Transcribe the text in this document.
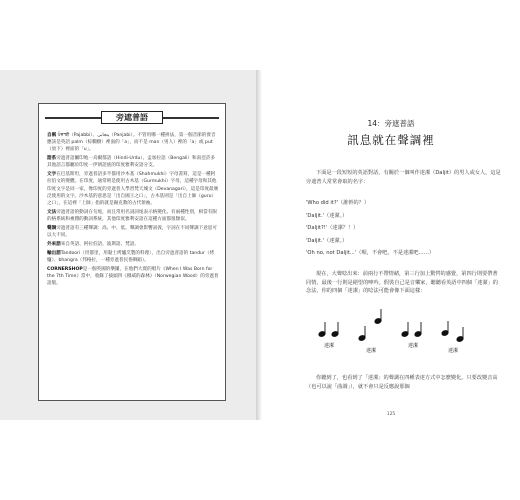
旁遮普語
自稱 ਪੰਜਾਬੀ（Pajabbi）、پنجابی（Panjabi）。不管用哪一種拼法，第一個音節的發音應該是英語 palm（棕櫚樹）裡面的「a」，而不是 man（男人）裡的「a」或 put（放下）裡面的「u」。
語系旁遮普語屬印地一烏爾都語（Hindi-Urdu）、孟加拉語（Bengali）和南亞許多其他語言都屬於印度一伊朗語族的印度雅利安語分支。
文字在巴基斯坦，旁遮普語多半都用沙木基（Shahmukhi）字母書寫，這是一種阿拉伯文的變體。在印度，通常則是使用古木基（Gurmukhi）字母，這種字母和其他印度文字是同一家，像印度的旁遮普人學習梵天城文（Devanagari），這是印度最廣泛使用的文字。沙木基的意思是「出自國王之口」，古木基則是「出自上師（guru）之口」，在這裡「上師」指的就是錫克教的古代領袖。
文法旁遮普語的動詞在句尾，而且常用名詞詞尾表示格變化。有兩種性別，相當有限的格系統和複雜的動詞系統，其他印度雅利安語在這種方面都很類似。
聲調旁遮普語有三種聲調：高、中、低。聲調會影響詞義，字詞在不同聲調下意思可以大不同。
外來語來自英語、阿拉伯語、波斯語、梵語。
輸出語Tandoori（坦都里，用黏土烤爐烹製的料理），出自旁遮普語的 tandur（烤爐）、bhangra（邦格拉，一種旁遮普民俗舞蹈）。
CORNERSHOP是一個英國的樂團，在他們大賣的唱片《When I Was Born for the 7th Time》當中，收錄了披頭四《挪威的森林》（Norwegian Wood）的旁遮普語版。
14：旁遮普語
訊息就在聲調裡
下面是一段短短的英語對話，有關於一個叫作達潔（Daljit）的男人或女人，這是旁遮普人常常會取的名字：
'Who did it?'（誰幹的？）
'Daljit.'（達潔。）
'Daljit?!'（達潔？！）
'Daljit.'（達潔。）
'Oh no, not Daljit...'（喔，不會吧，不是達潔吧……）
現在，大聲唸出來：前兩行不帶情緒，第三行加上驚愕的感覺，第四行則要帶著同情，最後一行則是絕望的呻吟。假裝自己是音樂家，聽聽看英語中四個「達潔」的念法，你的四個「達潔」的唸法可能會像下面這樣：
你聽到了，也看到了「達潔」的聲調在四種表達方式中怎麼變化。只要改變音高（也可以說「曲調」），就不會只是反應說那個
125
達潔
達潔
達潔
達潔
